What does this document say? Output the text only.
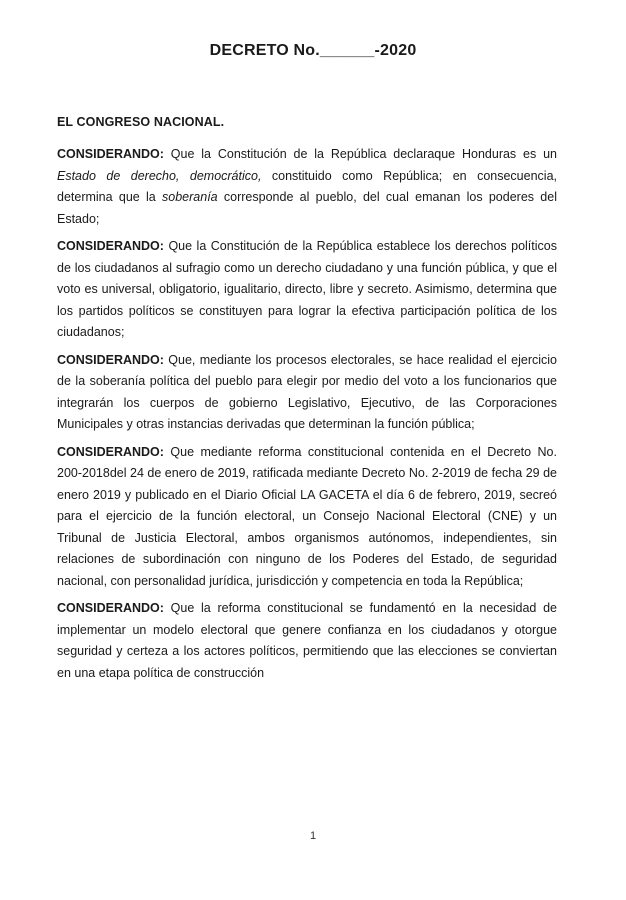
DECRETO No.______-2020
EL CONGRESO NACIONAL.

CONSIDERANDO: Que la Constitución de la República declaraque Honduras es un Estado de derecho, democrático, constituido como República; en consecuencia, determina que la soberanía corresponde al pueblo, del cual emanan los poderes del Estado;

CONSIDERANDO: Que la Constitución de la República establece los derechos políticos de los ciudadanos al sufragio como un derecho ciudadano y una función pública, y que el voto es universal, obligatorio, igualitario, directo, libre y secreto. Asimismo, determina que los partidos políticos se constituyen para lograr la efectiva participación política de los ciudadanos;

CONSIDERANDO: Que, mediante los procesos electorales, se hace realidad el ejercicio de la soberanía política del pueblo para elegir por medio del voto a los funcionarios que integrarán los cuerpos de gobierno Legislativo, Ejecutivo, de las Corporaciones Municipales y otras instancias derivadas que determinan la función pública;

CONSIDERANDO: Que mediante reforma constitucional contenida en el Decreto No. 200-2018del 24 de enero de 2019, ratificada mediante Decreto No. 2-2019 de fecha 29 de enero 2019 y publicado en el Diario Oficial LA GACETA el día 6 de febrero, 2019, secreó para el ejercicio de la función electoral, un Consejo Nacional Electoral (CNE) y un Tribunal de Justicia Electoral, ambos organismos autónomos, independientes, sin relaciones de subordinación con ninguno de los Poderes del Estado, de seguridad nacional, con personalidad jurídica, jurisdicción y competencia en toda la República;

CONSIDERANDO: Que la reforma constitucional se fundamentó en la necesidad de implementar un modelo electoral que genere confianza en los ciudadanos y otorgue seguridad y certeza a los actores políticos, permitiendo que las elecciones se conviertan en una etapa política de construcción

1
